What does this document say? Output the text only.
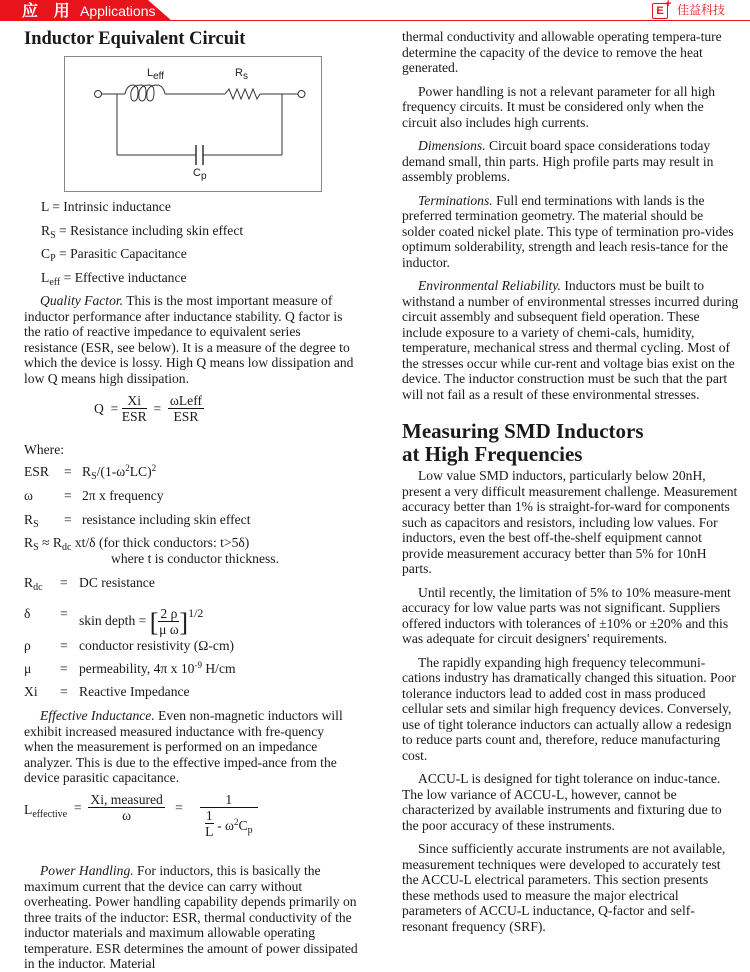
应 用 Applications	E
+ 佳益科技
Inductor Equivalent Circuit
$L_{eff}$	$R_s$
$C_p$
L = Intrinsic inductance
$R_S$ = Resistance including skin effect
$C_P$ = Parasitic Capacitance
$L_{eff}$ = Effective inductance

Quality Factor. This is the most important measure of inductor performance after inductance stability. Q factor is the ratio of reactive impedance to equivalent series resistance (ESR, see below). It is a measure of the degree to which the device is lossy. High Q means low dissipation and low Q means high dissipation.

$Q = \frac{Xi}{\text{ESR}} = \frac{\text{ωLeff}}{\text{ESR}}$
Where:
ESR = $R_S/(1-\omega^2LC)^2$
ω = 2π x frequency
$R_S$ = resistance including skin effect
$R_S \approx R_{dc}$ xt/δ (for thick conductors: t>5δ)
where t is conductor thickness.
$R_{dc}$ = DC resistance
δ = skin depth = [ $\frac{2 \rho}{\text{μ ω}} ]^{1/2}$
ρ = conductor resistivity (Ω-cm)
μ = permeability, 4π x $10^{-9}$ H/cm
Xi = Reactive Impedance

Effective Inductance. Even non-magnetic inductors will exhibit increased measured inductance with fre-quency when the measurement is performed on an impedance analyzer. This is due to the effective imped-ance from the device parasitic capacitance.

$L_{effective} = \frac{\text{Xi, measured}}{\omega} = \frac{1}{\frac{1}{L} - \omega^2C_p}$

Power Handling. For inductors, this is basically the maximum current that the device can carry without overheating. Power handling capability depends primarily on three traits of the inductor: ESR, thermal conductivity of the inductor materials and maximum allowable operating temperature. ESR determines the amount of power dissipated in the inductor. Material

thermal conductivity and allowable operating tempera-ture determine the capacity of the device to remove the heat generated.

Power handling is not a relevant parameter for all high frequency circuits. It must be considered only when the circuit also includes high currents.

Dimensions. Circuit board space considerations today demand small, thin parts. High profile parts may result in assembly problems.

Terminations. Full end terminations with lands is the preferred termination geometry. The material should be solder coated nickel plate. This type of termination pro-vides optimum solderability, strength and leach resis-tance for the inductor.

Environmental Reliability. Inductors must be built to withstand a number of environmental stresses incurred during circuit assembly and subsequent field operation. These include exposure to a variety of chemi-cals, humidity, temperature, mechanical stress and thermal cycling. Most of the stresses occur while cur-rent and voltage bias exist on the device. The inductor construction must be such that the part will not fail as a result of these environmental stresses.

Measuring SMD Inductors
at High Frequencies

Low value SMD inductors, particularly below 20nH, present a very difficult measurement challenge. Measurement accuracy better than 1% is straight-for-ward for components such as capacitors and resistors, including low values. For inductors, even the best off-the-shelf equipment cannot provide measurement accuracy better than 5% for 10nH parts.

Until recently, the limitation of 5% to 10% measure-ment accuracy for low value parts was not significant. Suppliers offered inductors with tolerances of ±10% or ±20% and this was adequate for circuit designers' requirements.

The rapidly expanding high frequency telecommuni-cations industry has dramatically changed this situation. Poor tolerance inductors lead to added cost in mass produced cellular sets and similar high frequency devices. Conversely, use of tight tolerance inductors can actually allow a redesign to reduce parts count and, therefore, reduce manufacturing cost.

ACCU-L is designed for tight tolerance on induc-tance. The low variance of ACCU-L, however, cannot be characterized by available instruments and fixturing due to the poor accuracy of these instruments.

Since sufficiently accurate instruments are not available, measurement techniques were developed to accurately test the ACCU-L electrical parameters. This section presents these methods used to measure the major electrical parameters of ACCU-L inductance, Q-factor and self-resonant frequency (SRF).
